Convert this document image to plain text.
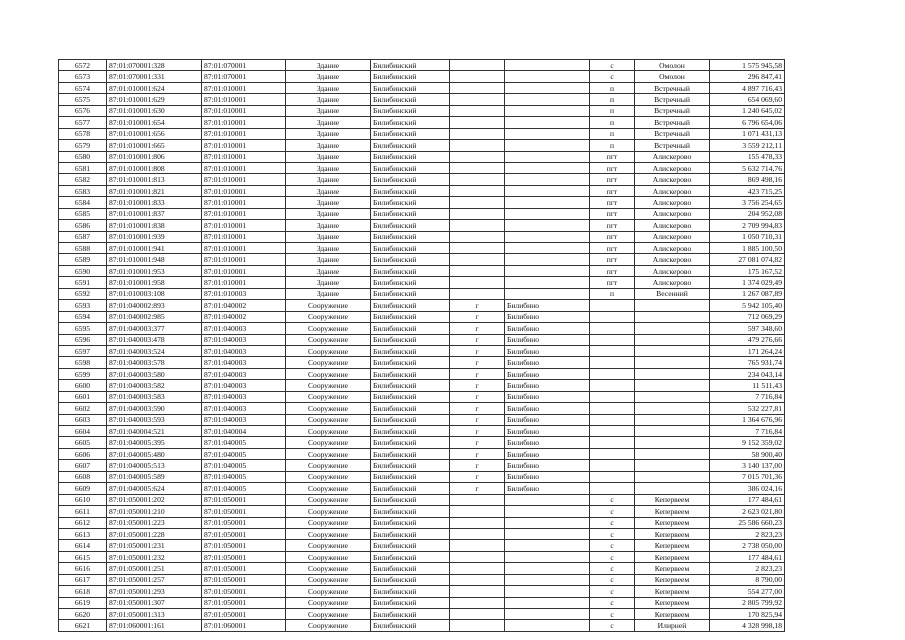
6572	87:01:070001:328	87:01:070001	Здание	Билибинский			с	Омолон	1 575 945,58
6573	87:01:070001:331	87:01:070001	Здание	Билибинский			с	Омолон	296 847,41
6574	87:01:010001:624	87:01:010001	Здание	Билибинский			п	Встречный	4 897 716,43
6575	87:01:010001:629	87:01:010001	Здание	Билибинский			п	Встречный	654 069,60
6576	87:01:010001:630	87:01:010001	Здание	Билибинский			п	Встречный	1 240 645,02
6577	87:01:010001:654	87:01:010001	Здание	Билибинский			п	Встречный	6 796 654,06
6578	87:01:010001:656	87:01:010001	Здание	Билибинский			п	Встречный	1 071 431,13
6579	87:01:010001:665	87:01:010001	Здание	Билибинский			п	Встречный	3 559 212,11
6580	87:01:010001:806	87:01:010001	Здание	Билибинский			пгт	Алискерово	155 478,33
6581	87:01:010001:808	87:01:010001	Здание	Билибинский			пгт	Алискерово	5 632 714,76
6582	87:01:010001:813	87:01:010001	Здание	Билибинский			пгт	Алискерово	869 498,16
6583	87:01:010001:821	87:01:010001	Здание	Билибинский			пгт	Алискерово	423 715,25
6584	87:01:010001:833	87:01:010001	Здание	Билибинский			пгт	Алискерово	3 756 254,65
6585	87:01:010001:837	87:01:010001	Здание	Билибинский			пгт	Алискерово	204 952,08
6586	87:01:010001:838	87:01:010001	Здание	Билибинский			пгт	Алискерово	2 709 994,83
6587	87:01:010001:939	87:01:010001	Здание	Билибинский			пгт	Алискерово	1 050 710,31
6588	87:01:010001:941	87:01:010001	Здание	Билибинский			пгт	Алискерово	1 885 100,50
6589	87:01:010001:948	87:01:010001	Здание	Билибинский			пгт	Алискерово	27 081 074,82
6590	87:01:010001:953	87:01:010001	Здание	Билибинский			пгт	Алискерово	175 167,52
6591	87:01:010001:958	87:01:010001	Здание	Билибинский			пгт	Алискерово	1 374 029,49
6592	87:01:010003:108	87:01:010003	Здание	Билибинский			п	Весенний	1 267 087,89
6593	87:01:040002:893	87:01:040002	Сооружение	Билибинский	г	Билибино			5 942 105,40
6594	87:01:040002:985	87:01:040002	Сооружение	Билибинский	г	Билибино			712 069,29
6595	87:01:040003:377	87:01:040003	Сооружение	Билибинский	г	Билибино			597 348,60
6596	87:01:040003:478	87:01:040003	Сооружение	Билибинский	г	Билибино			479 276,66
6597	87:01:040003:524	87:01:040003	Сооружение	Билибинский	г	Билибино			171 264,24
6598	87:01:040003:578	87:01:040003	Сооружение	Билибинский	г	Билибино			765 931,74
6599	87:01:040003:580	87:01:040003	Сооружение	Билибинский	г	Билибино			234 043,14
6600	87:01:040003:582	87:01:040003	Сооружение	Билибинский	г	Билибино			11 511,43
6601	87:01:040003:583	87:01:040003	Сооружение	Билибинский	г	Билибино			7 716,84
6602	87:01:040003:590	87:01:040003	Сооружение	Билибинский	г	Билибино			532 227,81
6603	87:01:040003:593	87:01:040003	Сооружение	Билибинский	г	Билибино			1 364 676,96
6604	87:01:040004:521	87:01:040004	Сооружение	Билибинский	г	Билибино			7 716,84
6605	87:01:040005:395	87:01:040005	Сооружение	Билибинский	г	Билибино			9 152 359,02
6606	87:01:040005:480	87:01:040005	Сооружение	Билибинский	г	Билибино			58 900,40
6607	87:01:040005:513	87:01:040005	Сооружение	Билибинский	г	Билибино			3 140 137,00
6608	87:01:040005:589	87:01:040005	Сооружение	Билибинский	г	Билибино			7 015 701,36
6609	87:01:040005:624	87:01:040005	Сооружение	Билибинский	г	Билибино			386 024,16
6610	87:01:050001:202	87:01:050001	Сооружение	Билибинский			с	Кепервеем	177 484,61
6611	87:01:050001:210	87:01:050001	Сооружение	Билибинский			с	Кепервеем	2 623 021,80
6612	87:01:050001:223	87:01:050001	Сооружение	Билибинский			с	Кепервеем	25 586 660,23
6613	87:01:050001:228	87:01:050001	Сооружение	Билибинский			с	Кепервеем	2 823,23
6614	87:01:050001:231	87:01:050001	Сооружение	Билибинский			с	Кепервеем	2 738 050,00
6615	87:01:050001:232	87:01:050001	Сооружение	Билибинский			с	Кепервеем	177 484,61
6616	87:01:050001:251	87:01:050001	Сооружение	Билибинский			с	Кепервеем	2 823,23
6617	87:01:050001:257	87:01:050001	Сооружение	Билибинский			с	Кепервеем	8 790,00
6618	87:01:050001:293	87:01:050001	Сооружение	Билибинский			с	Кепервеем	554 277,00
6619	87:01:050001:307	87:01:050001	Сооружение	Билибинский			с	Кепервеем	2 805 799,92
6620	87:01:050001:313	87:01:050001	Сооружение	Билибинский			с	Кепервеем	170 825,94
6621	87:01:060001:161	87:01:060001	Сооружение	Билибинский			с	Илирней	4 328 998,18
